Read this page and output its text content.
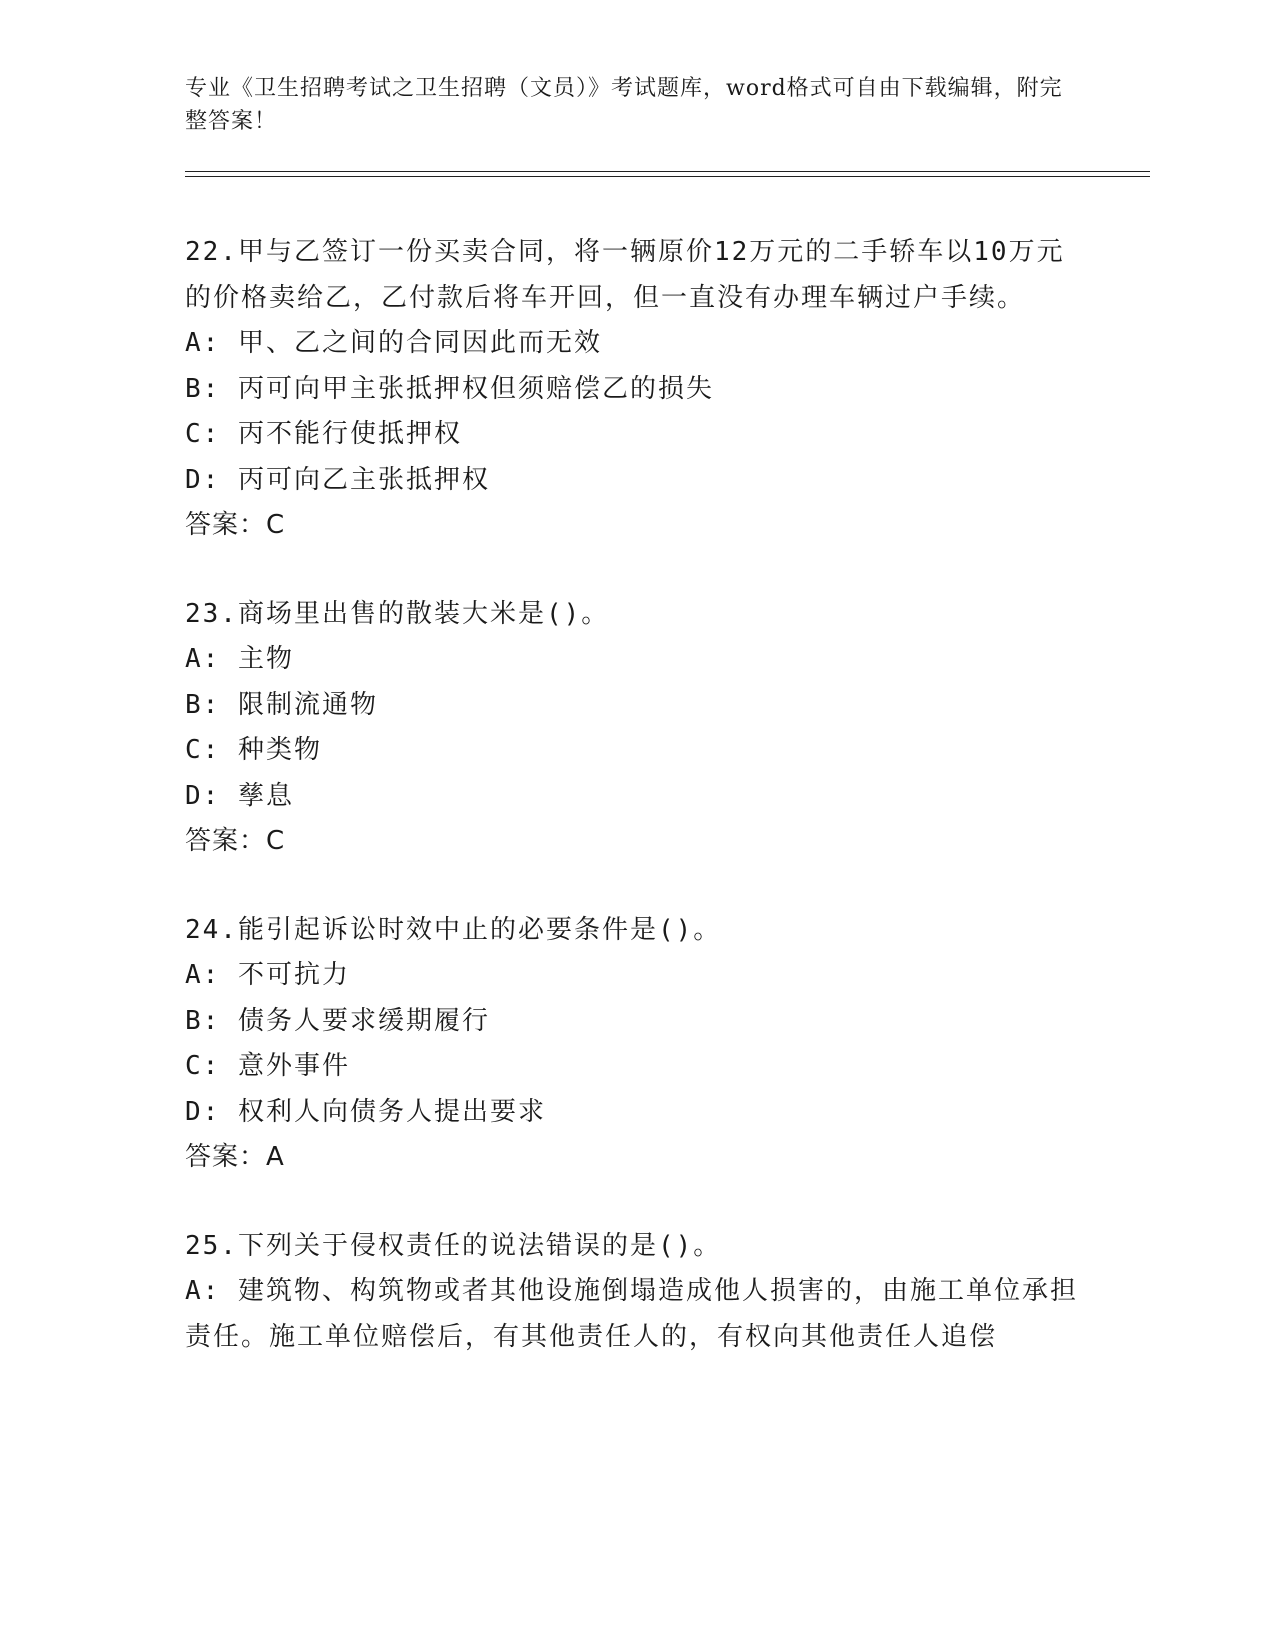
专业《卫生招聘考试之卫生招聘（文员）》考试题库，word格式可自由下载编辑，附完整答案！
22.甲与乙签订一份买卖合同，将一辆原价12万元的二手轿车以10万元的价格卖给乙，乙付款后将车开回，但一直没有办理车辆过户手续。
A: 甲、乙之间的合同因此而无效
B: 丙可向甲主张抵押权但须赔偿乙的损失
C: 丙不能行使抵押权
D: 丙可向乙主张抵押权
答案：C
23.商场里出售的散装大米是()。
A: 主物
B: 限制流通物
C: 种类物
D: 孳息
答案：C
24.能引起诉讼时效中止的必要条件是()。
A: 不可抗力
B: 债务人要求缓期履行
C: 意外事件
D: 权利人向债务人提出要求
答案：A
25.下列关于侵权责任的说法错误的是()。
A: 建筑物、构筑物或者其他设施倒塌造成他人损害的，由施工单位承担责任。施工单位赔偿后，有其他责任人的，有权向其他责任人追偿
